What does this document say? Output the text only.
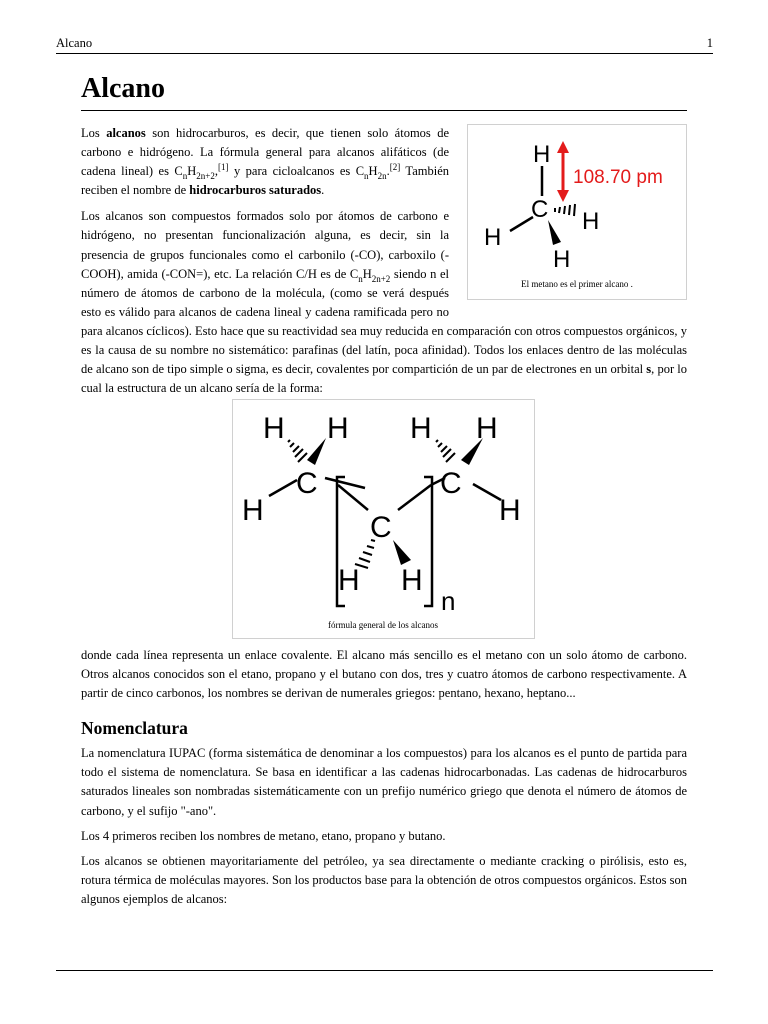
Alcano	1
Alcano
H
C H
H
H
108.70 pm
El metano es el primer alcano .

Los alcanos son hidrocarburos, es decir, que tienen solo átomos de carbono e hidrógeno. La fórmula general para alcanos alifáticos (de cadena lineal) es $C_nH_{2n+2},[1]$ y para cicloalcanos es $C_nH_{2n}.[2]$ También reciben el nombre de hidrocarburos saturados.

Los alcanos son compuestos formados solo por átomos de carbono e hidrógeno, no presentan funcionalización alguna, es decir, sin la presencia de grupos funcionales como el carbonilo (-CO), carboxilo (-COOH), amida (-CON=), etc. La relación C/H es de $C_nH_{2n+2}$ siendo n el número de átomos de carbono de la molécula, (como se verá después esto es válido para alcanos de cadena lineal y cadena ramificada pero no para alcanos cíclicos). Esto hace que su reactividad sea muy reducida en comparación con otros compuestos orgánicos, y es la causa de su nombre no sistemático: parafinas (del latín, poca afinidad). Todos los enlaces dentro de las moléculas de alcano son de tipo simple o sigma, es decir, covalentes por compartición de un par de electrones en un orbital s, por lo cual la estructura de un alcano sería de la forma:

H H H H
C	C
H	H
C
H H
n
fórmula general de los alcanos

donde cada línea representa un enlace covalente. El alcano más sencillo es el metano con un solo átomo de carbono. Otros alcanos conocidos son el etano, propano y el butano con dos, tres y cuatro átomos de carbono respectivamente. A partir de cinco carbonos, los nombres se derivan de numerales griegos: pentano, hexano, heptano...

Nomenclatura

La nomenclatura IUPAC (forma sistemática de denominar a los compuestos) para los alcanos es el punto de partida para todo el sistema de nomenclatura. Se basa en identificar a las cadenas hidrocarbonadas. Las cadenas de hidrocarburos saturados lineales son nombradas sistemáticamente con un prefijo numérico griego que denota el número de átomos de carbono, y el sufijo "-ano".

Los 4 primeros reciben los nombres de metano, etano, propano y butano.

Los alcanos se obtienen mayoritariamente del petróleo, ya sea directamente o mediante cracking o pirólisis, esto es, rotura térmica de moléculas mayores. Son los productos base para la obtención de otros compuestos orgánicos. Estos son algunos ejemplos de alcanos:
